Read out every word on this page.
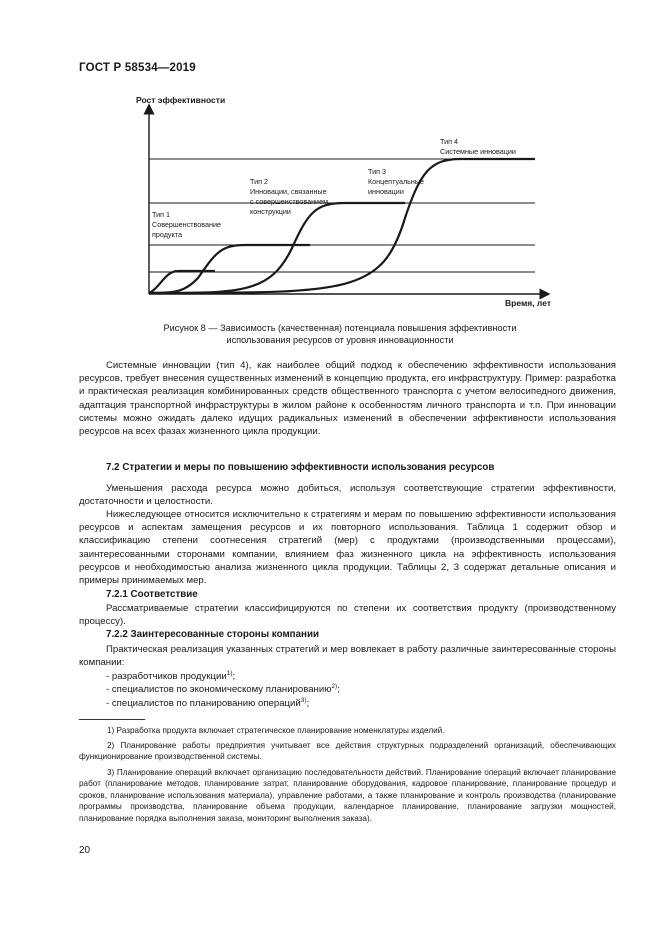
ГОСТ Р 58534—2019
Рост эффективности
Тип 1
Совершенствование
продукта
Тип 2
Инновации, связанные
с совершенствованием
конструкции
Тип 3
Концептуальные
инновации
Тип 4
Системные инновации
Время, лет
Рисунок 8 — Зависимость (качественная) потенциала повышения эффективности
использования ресурсов от уровня инновационности

Системные инновации (тип 4), как наиболее общий подход к обеспечению эффективности использования ресурсов, требует внесения существенных изменений в концепцию продукта, его инфраструктуру. Пример: разработка и практическая реализация комбинированных средств общественного транспорта с учетом велосипедного движения, адаптация транспортной инфраструктуры в жилом районе к особенностям личного транспорта и т.п. При инновации системы можно ожидать далеко идущих радикальных изменений в обеспечении эффективности использования ресурсов на всех фазах жизненного цикла продукции.

7.2 Стратегии и меры по повышению эффективности использования ресурсов

Уменьшения расхода ресурса можно добиться, используя соответствующие стратегии эффективности, достаточности и целостности.

Нижеследующее относится исключительно к стратегиям и мерам по повышению эффективности использования ресурсов и аспектам замещения ресурсов и их повторного использования. Таблица 1 содержит обзор и классификацию степени соотнесения стратегий (мер) с продуктами (производственными процессами), заинтересованными сторонами компании, влиянием фаз жизненного цикла на эффективность использования ресурсов и необходимостью анализа жизненного цикла продукции. Таблицы 2, 3 содержат детальные описания и примеры принимаемых мер.

7.2.1 Соответствие

Рассматриваемые стратегии классифицируются по степени их соответствия продукту (производственному процессу).

7.2.2 Заинтересованные стороны компании

Практическая реализация указанных стратегий и мер вовлекает в работу различные заинтересованные стороны компании:

- разработчиков продукции$^{1)}$;
- специалистов по экономическому планированию$^{2)}$;
- специалистов по планированию операций$^{3)}$;

1) Разработка продукта включает стратегическое планирование номенклатуры изделий.

2) Планирование работы предприятия учитывает все действия структурных подразделений организаций, обеспечивающих функционирование производственной системы.

3) Планирование операций включает организацию последовательности действий. Планирование операций включает планирование работ (планирование методов, планирование затрат, планирование оборудования, кадровое планирование, планирование процедур и сроков, планирование использования материала), управление работами, а также планирование и контроль производства (планирование программы производства, планирование объема продукции, календарное планирование, планирование загрузки мощностей, планирование порядка выполнения заказа, мониторинг выполнения заказа).

20
